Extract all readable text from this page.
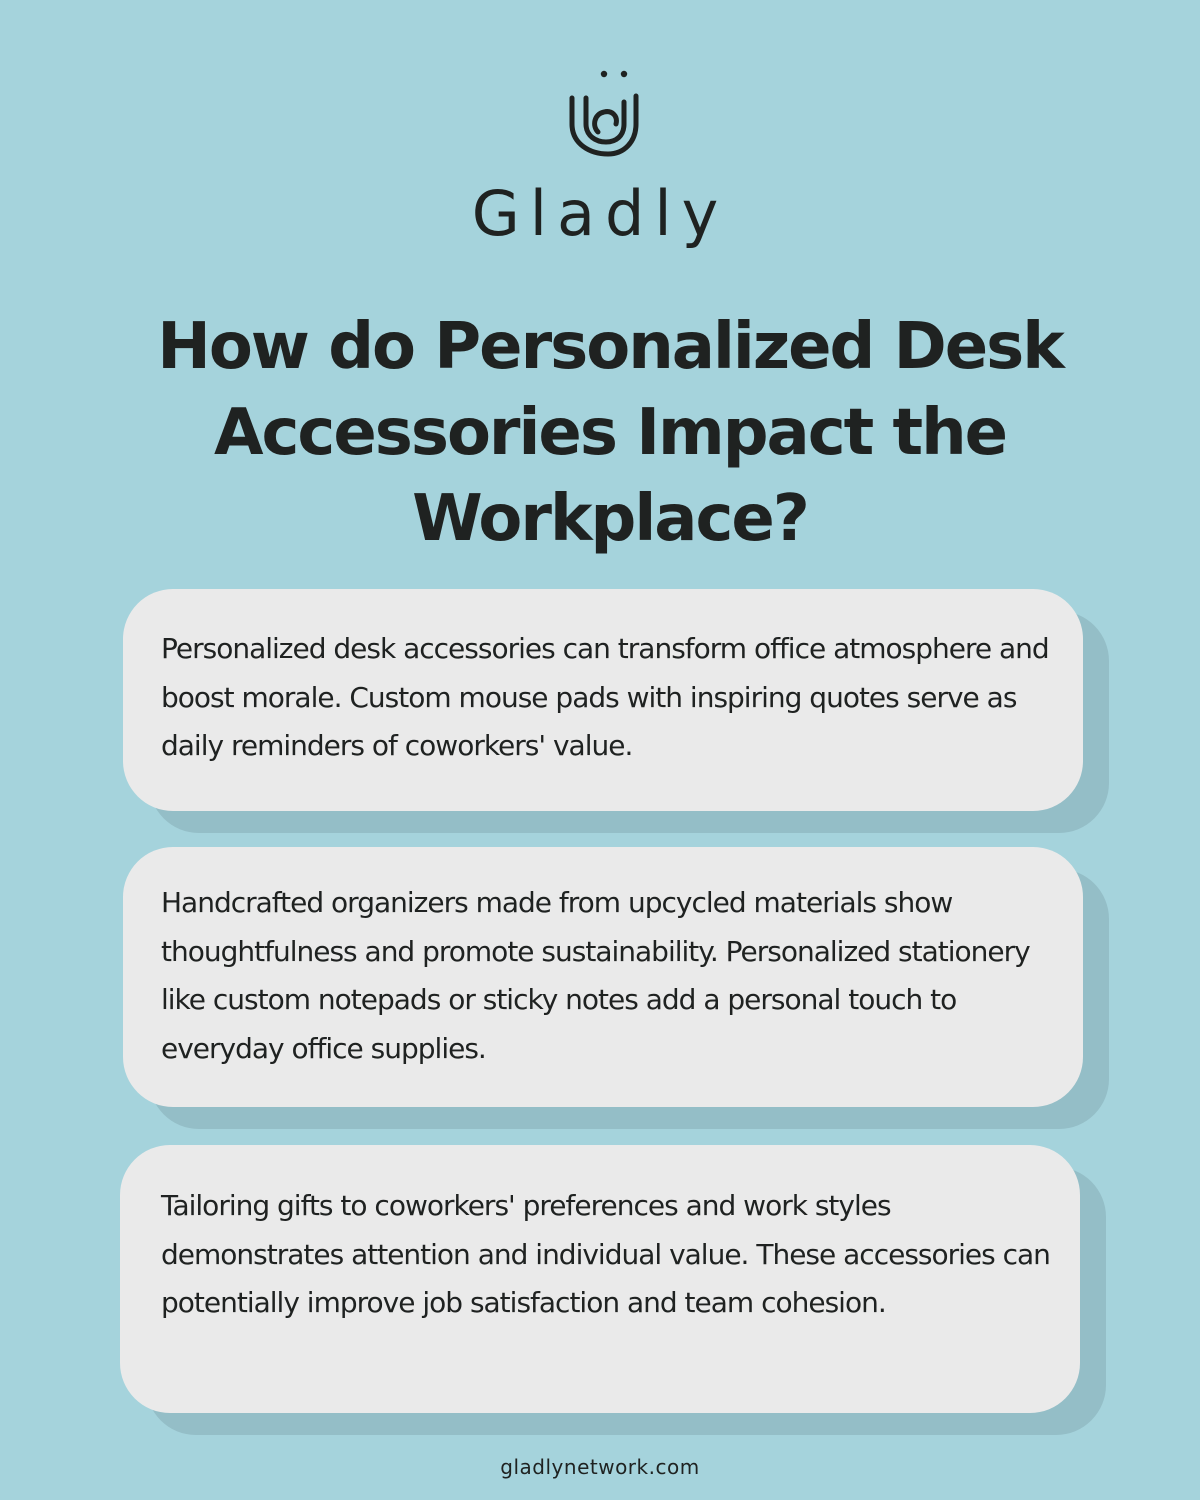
Gladly
How do Personalized Desk Accessories Impact the Workplace?

Personalized desk accessories can transform office atmosphere and boost morale. Custom mouse pads with inspiring quotes serve as daily reminders of coworkers' value.

Handcrafted organizers made from upcycled materials show thoughtfulness and promote sustainability. Personalized stationery like custom notepads or sticky notes add a personal touch to everyday office supplies.

Tailoring gifts to coworkers' preferences and work styles demonstrates attention and individual value. These accessories can potentially improve job satisfaction and team cohesion.

gladlynetwork.com
